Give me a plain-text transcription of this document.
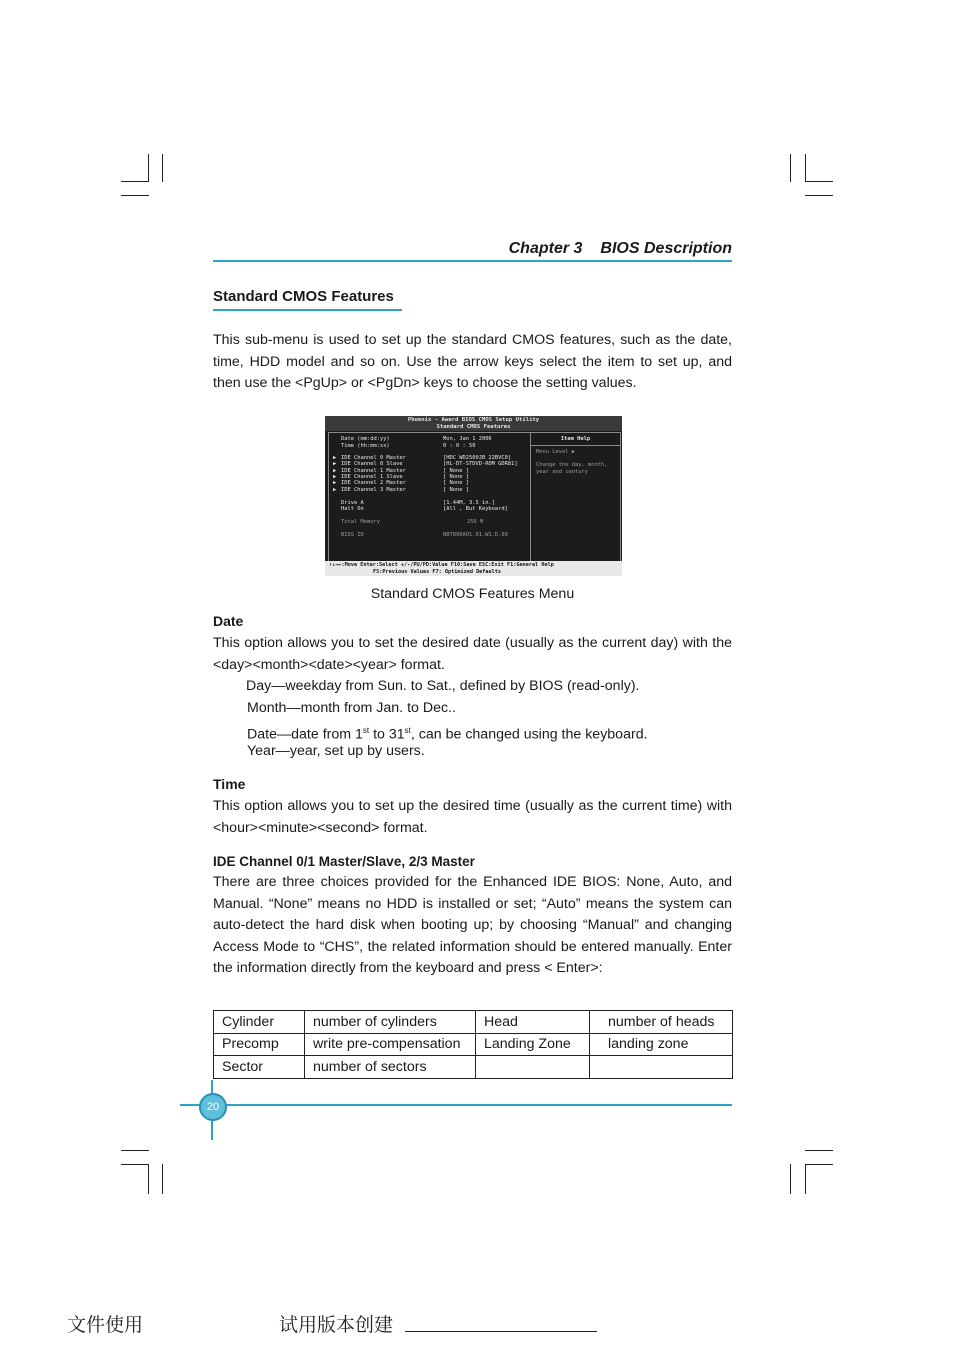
Chapter 3 BIOS Description
Standard CMOS Features
This sub-menu is used to set up the standard CMOS features, such as the date, time, HDD model and so on. Use the arrow keys select the item to set up, and then use the <PgUp> or <PgDn> keys to choose the setting values.
Phoenix - Award BIOS CMOS Setup Utility
Standard CMOS Features
Date (mm:dd:yy)	Mon, Jan 1 2006
Time (hh:mm:ss)	0 : 0 : 50
▶ IDE Channel 0 Master	[HDC WD2500JB 22BVC0]
▶ IDE Channel 0 Slave	[HL-DT-STDVD-ROM GDR81]
▶ IDE Channel 1 Master	[ None ]
▶ IDE Channel 1 Slave	[ None ]
▶ IDE Channel 2 Master	[ None ]
▶ IDE Channel 3 Master	[ None ]
Drive A	[1.44M, 3.5 in.]
Halt On	[All , But Keyboard]
Total Memory	256 M
BIOS ID	NBT890A01.01.W1.D.00
Item Help
Menu Level ▶
Change the day, month,
year and century
↑↓→←:Move Enter:Select +/-/PU/PD:Value F10:Save ESC:Exit F1:General Help
F5:Previous Values F7: Optimized Defaults
Standard CMOS Features Menu
Date
This option allows you to set the desired date (usually as the current day) with the <day><month><date><year> format.
Day—weekday from Sun. to Sat., defined by BIOS (read-only).
Month—month from Jan. to Dec..
Date—date from 1st to 31st, can be changed using the keyboard.
Year—year, set up by users.
Time
This option allows you to set up the desired time (usually as the current time) with <hour><minute><second> format.
IDE Channel 0/1 Master/Slave, 2/3 Master
There are three choices provided for the Enhanced IDE BIOS: None, Auto, and Manual. “None” means no HDD is installed or set; “Auto” means the system can auto-detect the hard disk when booting up; by choosing “Manual” and changing Access Mode to “CHS”, the related information should be entered manually. Enter the information directly from the keyboard and press < Enter>:
Cylinder	number of cylinders	Head	number of heads
Precomp	write pre-compensation	Landing Zone	landing zone
Sector	number of sectors		
20
文件使用	试用版本创建
